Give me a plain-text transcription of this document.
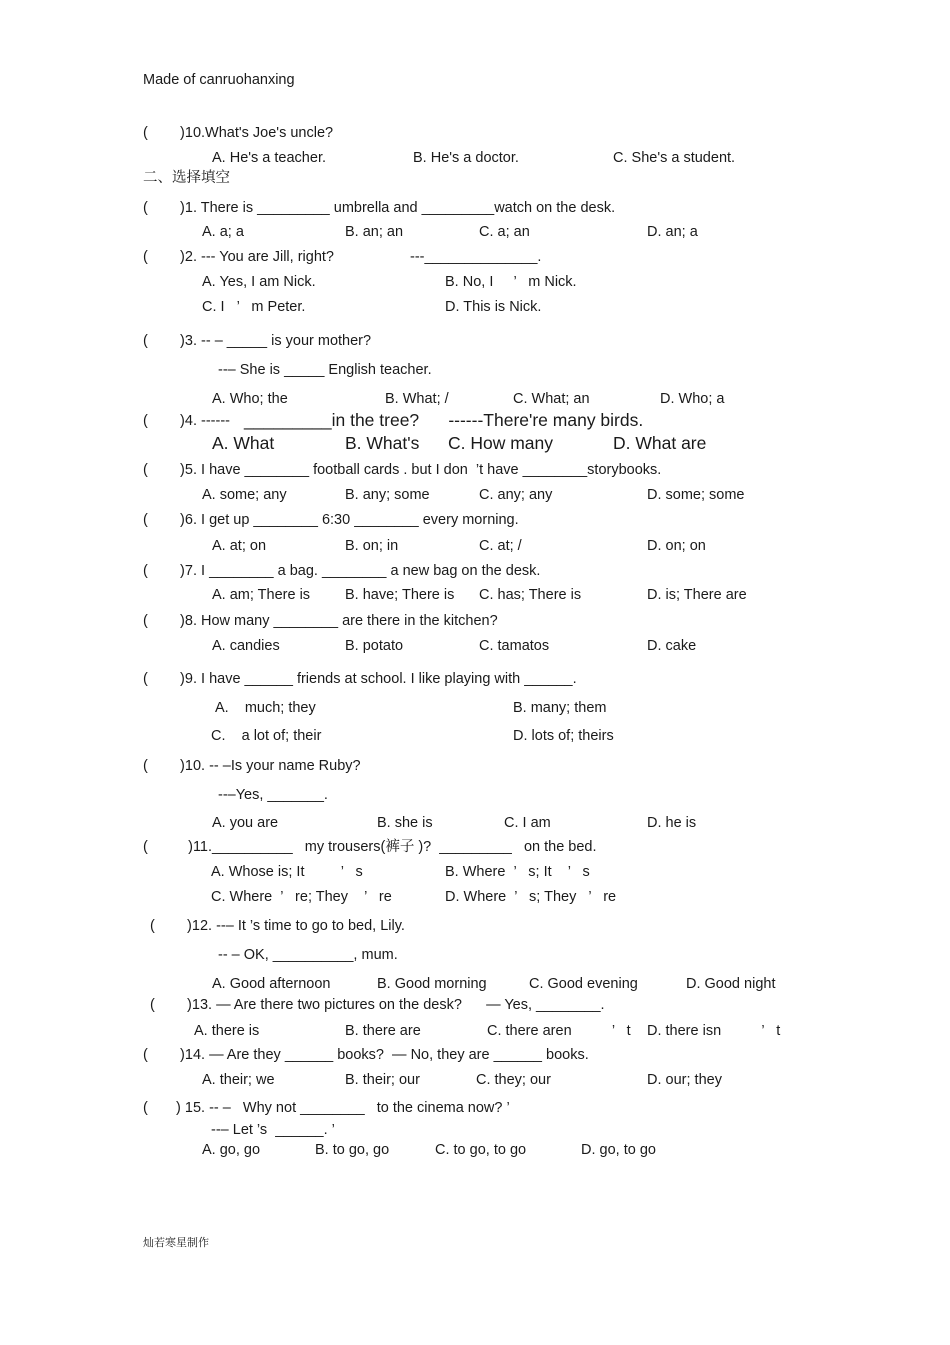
Made of canruohanxing
(        )10.What's Joe's uncle?
A. He's a teacher.	B. He's a doctor.	C. She's a student.
二、选择填空
(        )1. There is _________ umbrella and _________watch on the desk.
A. a; a	B. an; an	C. a; an	D. an; a
(        )2. --- You are Jill, right?	---______________.
A. Yes, I am Nick.	B. No, I     ’   m Nick.
C. I   ’   m Peter.	D. This is Nick.
(        )3. -- – _____ is your mother?
--– She is _____ English teacher.
A. Who; the	B. What; /	C. What; an	D. Who; a
(        )4. ------ _________in the tree?      ------There're many birds.
A. What	B. What's C. How many	D. What are
(        )5. I have ________ football cards . but I don  ’t have ________storybooks.
A. some; any	B. any; some	C. any; any	D. some; some
(        )6. I get up ________ 6:30 ________ every morning.
A. at; on	B. on; in	C. at; /	D. on; on
(        )7. I ________ a bag. ________ a new bag on the desk.
A. am; There is B. have; There is C. has; There is	D. is; There are
(        )8. How many ________ are there in the kitchen?
A. candies	B. potato	C. tamatos	D. cake
(        )9. I have ______ friends at school. I like playing with ______.
A.    much; they	B. many; them
C.    a lot of; their	D. lots of; theirs
(        )10. -- –Is your name Ruby?
--–Yes, _______.
A. you are	B. she is	C. I am	D. he is
(          )11.__________   my trousers(裤子 )?  _________   on the bed.
A. Whose is; It         ’   s	B. Where  ’   s; It    ’   s
C. Where  ’   re; They    ’   re	D. Where  ’   s; They   ’   re
(        )12. --– It ’s time to go to bed, Lily.
-- – OK, __________, mum.
A. Good afternoon	B. Good morning	C. Good evening	D. Good night
(        )13. — Are there two pictures on the desk?      — Yes, ________.
A. there is	B. there are	C. there aren          ’   t D. there isn          ’   t
(        )14. — Are they ______ books?  — No, they are ______ books.
A. their; we	B. their; our	C. they; our	D. our; they
(       ) 15. -- –   Why not ________   to the cinema now? ’
--– Let ’s  ______. ’
A. go, go	B. to go, go	C. to go, to go	D. go, to go
灿若寒星制作
